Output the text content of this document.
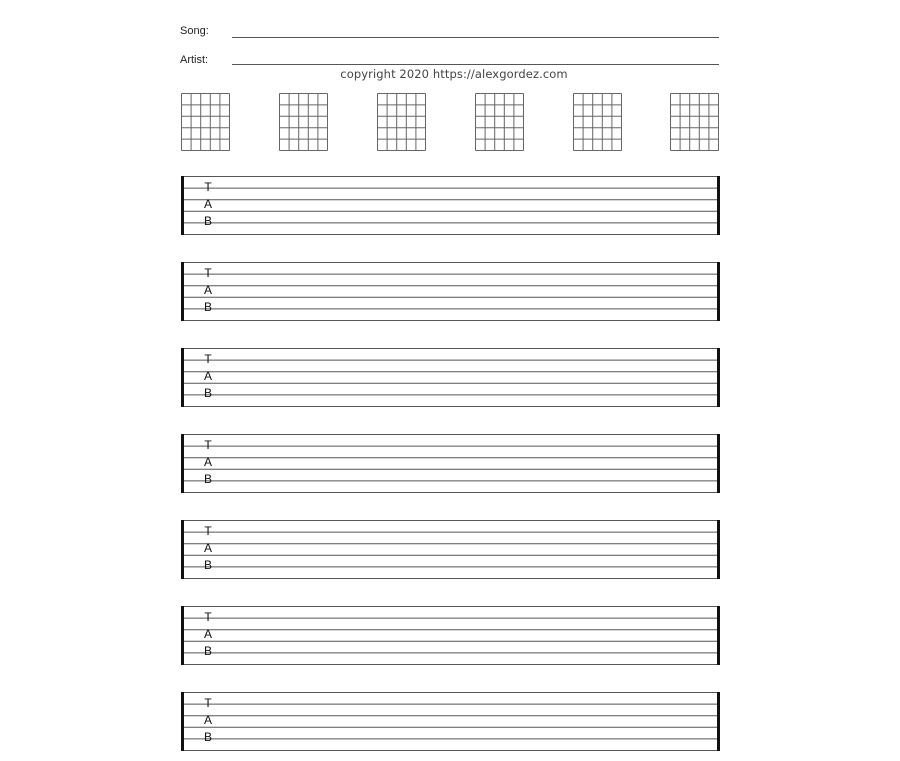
Song:
Artist:
copyright 2020 https://alexgordez.com
T
A
B
T
A
B
T
A
B
T
A
B
T
A
B
T
A
B
T
A
B
